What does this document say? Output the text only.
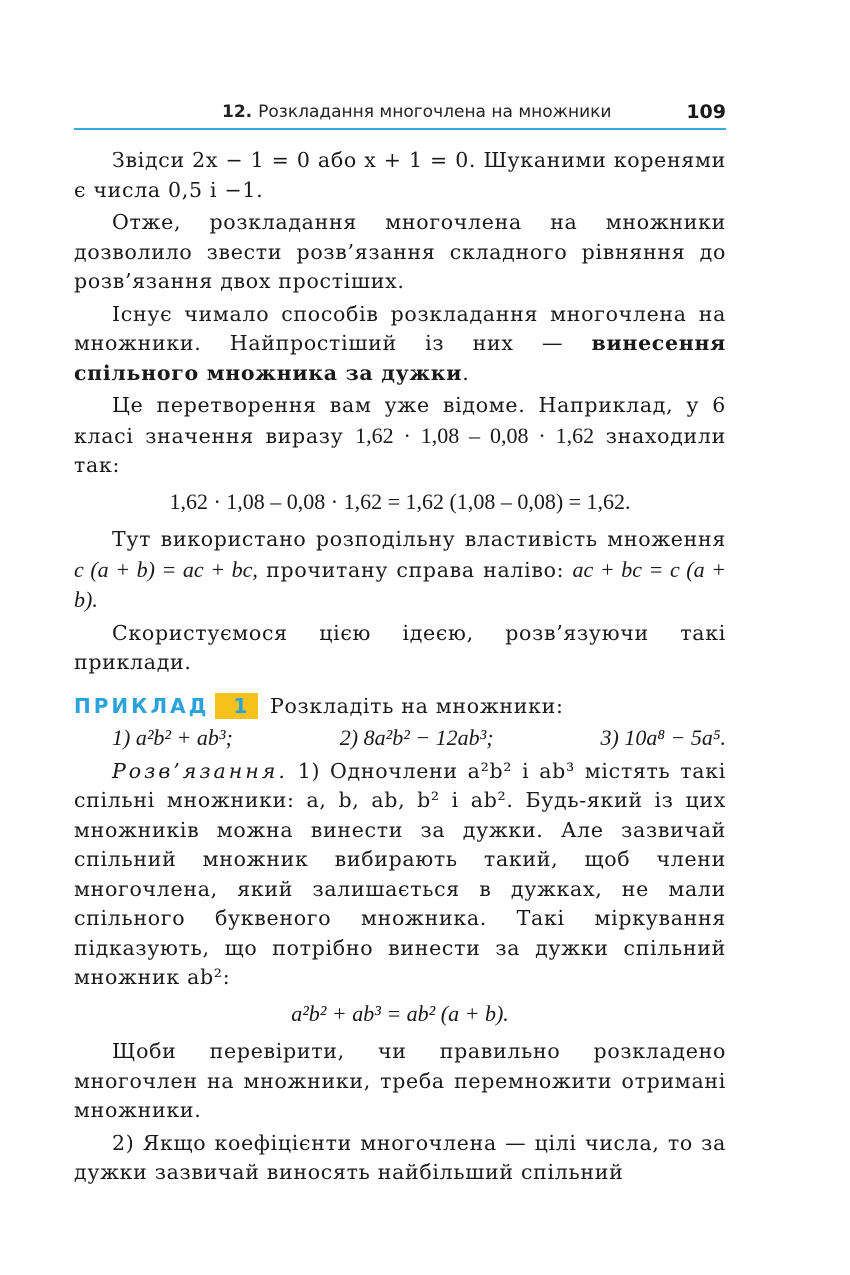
12. Розкладання многочлена на множники	109

Звідси 2x − 1 = 0 або x + 1 = 0. Шуканими коренями є числа 0,5 і −1.

Отже, розкладання многочлена на множники дозволило звести розв’язання складного рівняння до розв’язання двох простіших.

Існує чимало способів розкладання многочлена на множники. Найпростіший із них — винесення спільного множника за дужки.

Це перетворення вам уже відоме. Наприклад, у 6 класі значення виразу 1,62 · 1,08 – 0,08 · 1,62 знаходили так:

1,62 · 1,08 – 0,08 · 1,62 = 1,62 (1,08 – 0,08) = 1,62.

Тут використано розподільну властивість множення c (a + b) = ac + bc, прочитану справа наліво: ac + bc = c (a + b).

Скористуємося цією ідеєю, розв’язуючи такі приклади.

ПРИКЛАД	1	Розкладіть на множники:
1) a²b² + ab³;	2) 8a²b² − 12ab³;	3) 10a⁸ − 5a⁵.

Розв’язання. 1) Одночлени a²b² і ab³ містять такі спільні множники: a, b, ab, b² і ab². Будь-який із цих множників можна винести за дужки. Але зазвичай спільний множник вибирають такий, щоб члени многочлена, який залишається в дужках, не мали спільного буквеного множника. Такі міркування підказують, що потрібно винести за дужки спільний множник ab²:

a²b² + ab³ = ab² (a + b).

Щоби перевірити, чи правильно розкладено многочлен на множники, треба перемножити отримані множники.

2) Якщо коефіцієнти многочлена — цілі числа, то за дужки зазвичай виносять найбільший спільний
